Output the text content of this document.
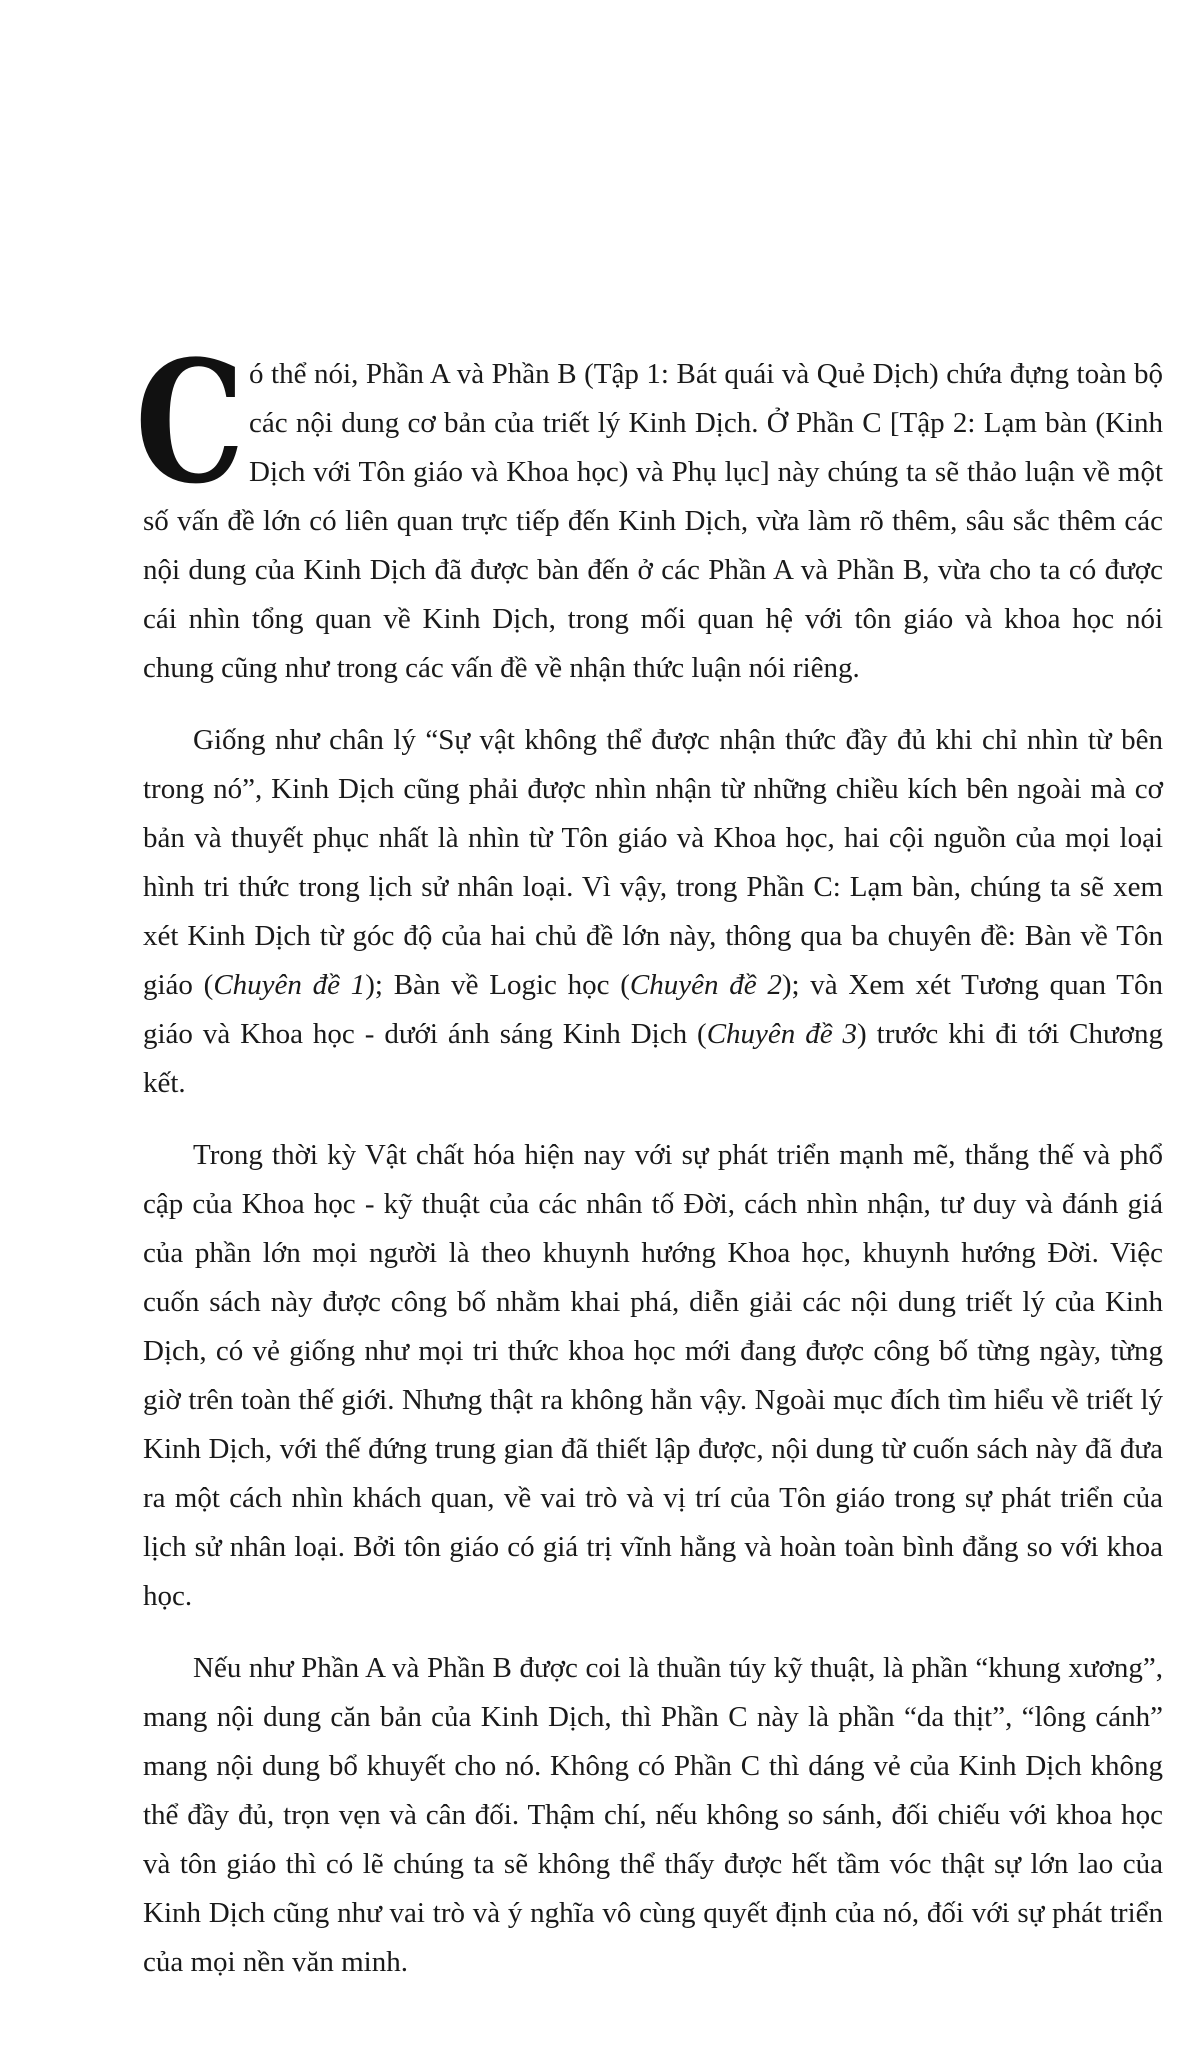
Có thể nói, Phần A và Phần B (Tập 1: Bát quái và Quẻ Dịch) chứa đựng toàn bộ các nội dung cơ bản của triết lý Kinh Dịch. Ở Phần C [Tập 2: Lạm bàn (Kinh Dịch với Tôn giáo và Khoa học) và Phụ lục] này chúng ta sẽ thảo luận về một số vấn đề lớn có liên quan trực tiếp đến Kinh Dịch, vừa làm rõ thêm, sâu sắc thêm các nội dung của Kinh Dịch đã được bàn đến ở các Phần A và Phần B, vừa cho ta có được cái nhìn tổng quan về Kinh Dịch, trong mối quan hệ với tôn giáo và khoa học nói chung cũng như trong các vấn đề về nhận thức luận nói riêng.

Giống như chân lý “Sự vật không thể được nhận thức đầy đủ khi chỉ nhìn từ bên trong nó”, Kinh Dịch cũng phải được nhìn nhận từ những chiều kích bên ngoài mà cơ bản và thuyết phục nhất là nhìn từ Tôn giáo và Khoa học, hai cội nguồn của mọi loại hình tri thức trong lịch sử nhân loại. Vì vậy, trong Phần C: Lạm bàn, chúng ta sẽ xem xét Kinh Dịch từ góc độ của hai chủ đề lớn này, thông qua ba chuyên đề: Bàn về Tôn giáo (Chuyên đề 1); Bàn về Logic học (Chuyên đề 2); và Xem xét Tương quan Tôn giáo và Khoa học - dưới ánh sáng Kinh Dịch (Chuyên đề 3) trước khi đi tới Chương kết.

Trong thời kỳ Vật chất hóa hiện nay với sự phát triển mạnh mẽ, thắng thế và phổ cập của Khoa học - kỹ thuật của các nhân tố Đời, cách nhìn nhận, tư duy và đánh giá của phần lớn mọi người là theo khuynh hướng Khoa học, khuynh hướng Đời. Việc cuốn sách này được công bố nhằm khai phá, diễn giải các nội dung triết lý của Kinh Dịch, có vẻ giống như mọi tri thức khoa học mới đang được công bố từng ngày, từng giờ trên toàn thế giới. Nhưng thật ra không hẳn vậy. Ngoài mục đích tìm hiểu về triết lý Kinh Dịch, với thế đứng trung gian đã thiết lập được, nội dung từ cuốn sách này đã đưa ra một cách nhìn khách quan, về vai trò và vị trí của Tôn giáo trong sự phát triển của lịch sử nhân loại. Bởi tôn giáo có giá trị vĩnh hằng và hoàn toàn bình đẳng so với khoa học.

Nếu như Phần A và Phần B được coi là thuần túy kỹ thuật, là phần “khung xương”, mang nội dung căn bản của Kinh Dịch, thì Phần C này là phần “da thịt”, “lông cánh” mang nội dung bổ khuyết cho nó. Không có Phần C thì dáng vẻ của Kinh Dịch không thể đầy đủ, trọn vẹn và cân đối. Thậm chí, nếu không so sánh, đối chiếu với khoa học và tôn giáo thì có lẽ chúng ta sẽ không thể thấy được hết tầm vóc thật sự lớn lao của Kinh Dịch cũng như vai trò và ý nghĩa vô cùng quyết định của nó, đối với sự phát triển của mọi nền văn minh.
